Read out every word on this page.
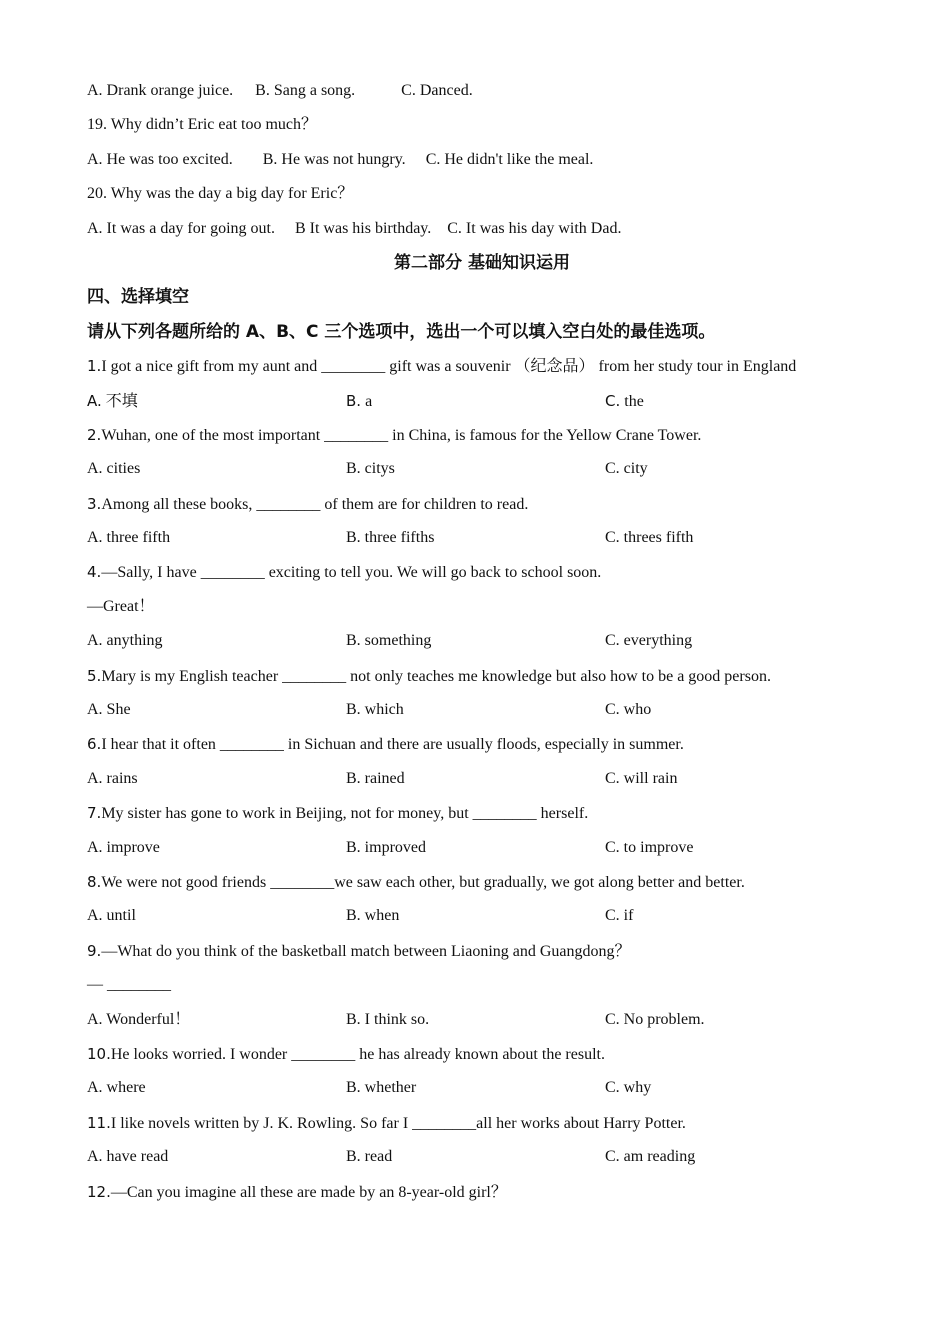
A. Drank orange juice. B. Sang a song.	C. Danced.
19. Why didn’t Eric eat too much？
A. He was too excited. B. He was not hungry. C. He didn't like the meal.
20. Why was the day a big day for Eric？
A. It was a day for going out. B It was his birthday. C. It was his day with Dad.
第二部分 基础知识运用
四、选择填空
请从下列各题所给的 A、B、C 三个选项中，选出一个可以填入空白处的最佳选项。
1.I got a nice gift from my aunt and ________ gift was a souvenir （纪念品） from her study tour in England
A. 不填	B. a	C. the
2.Wuhan, one of the most important ________ in China, is famous for the Yellow Crane Tower.
A. cities	B. citys	C. city
3.Among all these books, ________ of them are for children to read.
A. three fifth	B. three fifths	C. threes fifth
4.—Sally, I have ________ exciting to tell you. We will go back to school soon.
—Great！
A. anything	B. something	C. everything
5.Mary is my English teacher ________ not only teaches me knowledge but also how to be a good person.
A. She	B. which	C. who
6.I hear that it often ________ in Sichuan and there are usually floods, especially in summer.
A. rains	B. rained	C. will rain
7.My sister has gone to work in Beijing, not for money, but ________ herself.
A. improve	B. improved	C. to improve
8.We were not good friends ________we saw each other, but gradually, we got along better and better.
A. until	B. when	C. if
9.—What do you think of the basketball match between Liaoning and Guangdong？
— ________
A. Wonderful！	B. I think so.	C. No problem.
10.He looks worried. I wonder ________ he has already known about the result.
A. where	B. whether	C. why
11.I like novels written by J. K. Rowling. So far I ________all her works about Harry Potter.
A. have read	B. read	C. am reading
12.—Can you imagine all these are made by an 8-year-old girl？
